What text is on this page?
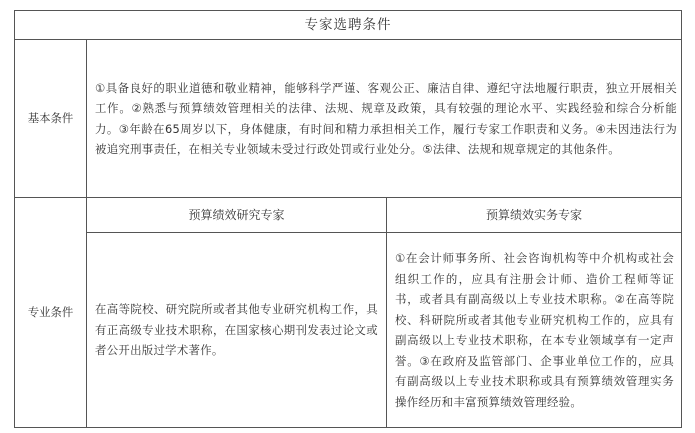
专家选聘条件		
基本条件	①具备良好的职业道德和敬业精神，能够科学严谨、客观公正、廉洁自律、遵纪守法地履行职责，独立开展相关工作。②熟悉与预算绩效管理相关的法律、法规、规章及政策，具有较强的理论水平、实践经验和综合分析能力。③年龄在65周岁以下，身体健康，有时间和精力承担相关工作，履行专家工作职责和义务。④未因违法行为被追究刑事责任，在相关专业领域未受过行政处罚或行业处分。⑤法律、法规和规章规定的其他条件。	

专业条件	预算绩效研究专家	预算绩效实务专家

	在高等院校、研究院所或者其他专业研究机构工作，具有正高级专业技术职称，在国家核心期刊发表过论文或者公开出版过学术著作。	①在会计师事务所、社会咨询机构等中介机构或社会组织工作的，应具有注册会计师、造价工程师等证书，或者具有副高级以上专业技术职称。②在高等院校、科研院所或者其他专业研究机构工作的，应具有副高级以上专业技术职称，在本专业领域享有一定声誉。③在政府及监管部门、企事业单位工作的，应具有副高级以上专业技术职称或具有预算绩效管理实务操作经历和丰富预算绩效管理经验。
